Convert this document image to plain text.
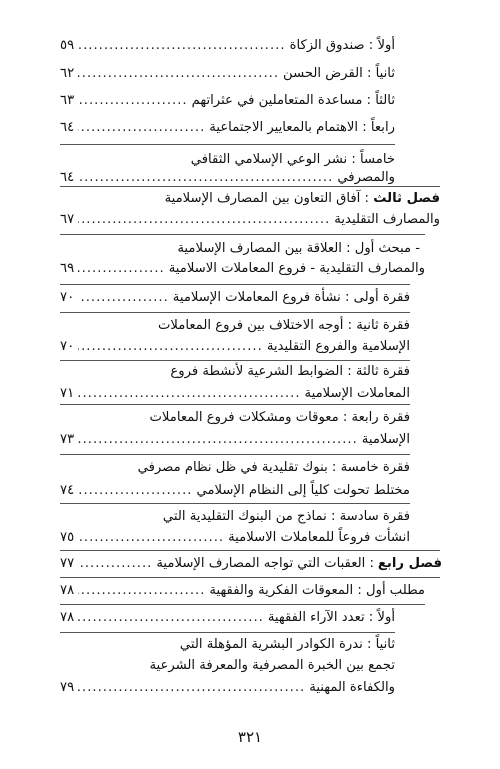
أولاً : صندوق الزكاة
.....
٥٩
ثانياً : القرض الحسن
.....
٦٢
ثالثاً : مساعدة المتعاملين في عثراتهم
.....
٦٣
رابعاً : الاهتمام بالمعايير الاجتماعية
.....
٦٤
خامساً : نشر الوعي الإسلامي الثقافي
والمصرفي
.....
٦٤
فصل ثالث : آفاق التعاون بين المصارف الإسلامية
والمصارف التقليدية
.....
٦٧
- مبحث أول : العلاقة بين المصارف الإسلامية
والمصارف التقليدية - فروع المعاملات الاسلامية
.....
٦٩
فقرة أولى : نشأة فروع المعاملات الإسلامية
.....
٧٠
فقرة ثانية : أوجه الاختلاف بين فروع المعاملات
الإسلامية والفروع التقليدية
.....
٧٠
فقرة ثالثة : الضوابط الشرعية لأنشطة فروع
المعاملات الإسلامية
.....
٧١
فقرة رابعة : معوقات ومشكلات فروع المعاملات
الإسلامية
.....
٧٣
فقرة خامسة : بنوك تقليدية في ظل نظام مصرفي
مختلط تحولت كلياً إلى النظام الإسلامي
.....
٧٤
فقرة سادسة : نماذج من البنوك التقليدية التي
انشأت فروعاً للمعاملات الاسلامية
.....
٧٥
فصل رابع
: العقبات التي تواجه المصارف الإسلامية
.....
٧٧
مطلب أول : المعوقات الفكرية والفقهية
.....
٧٨
أولاً : تعدد الآراء الفقهية
.....
٧٨
ثانياً : ندرة الكوادر البشرية المؤهلة التي
تجمع بين الخبرة المصرفية والمعرفة الشرعية
والكفاءة المهنية
.....
٧٩
٣٢١
